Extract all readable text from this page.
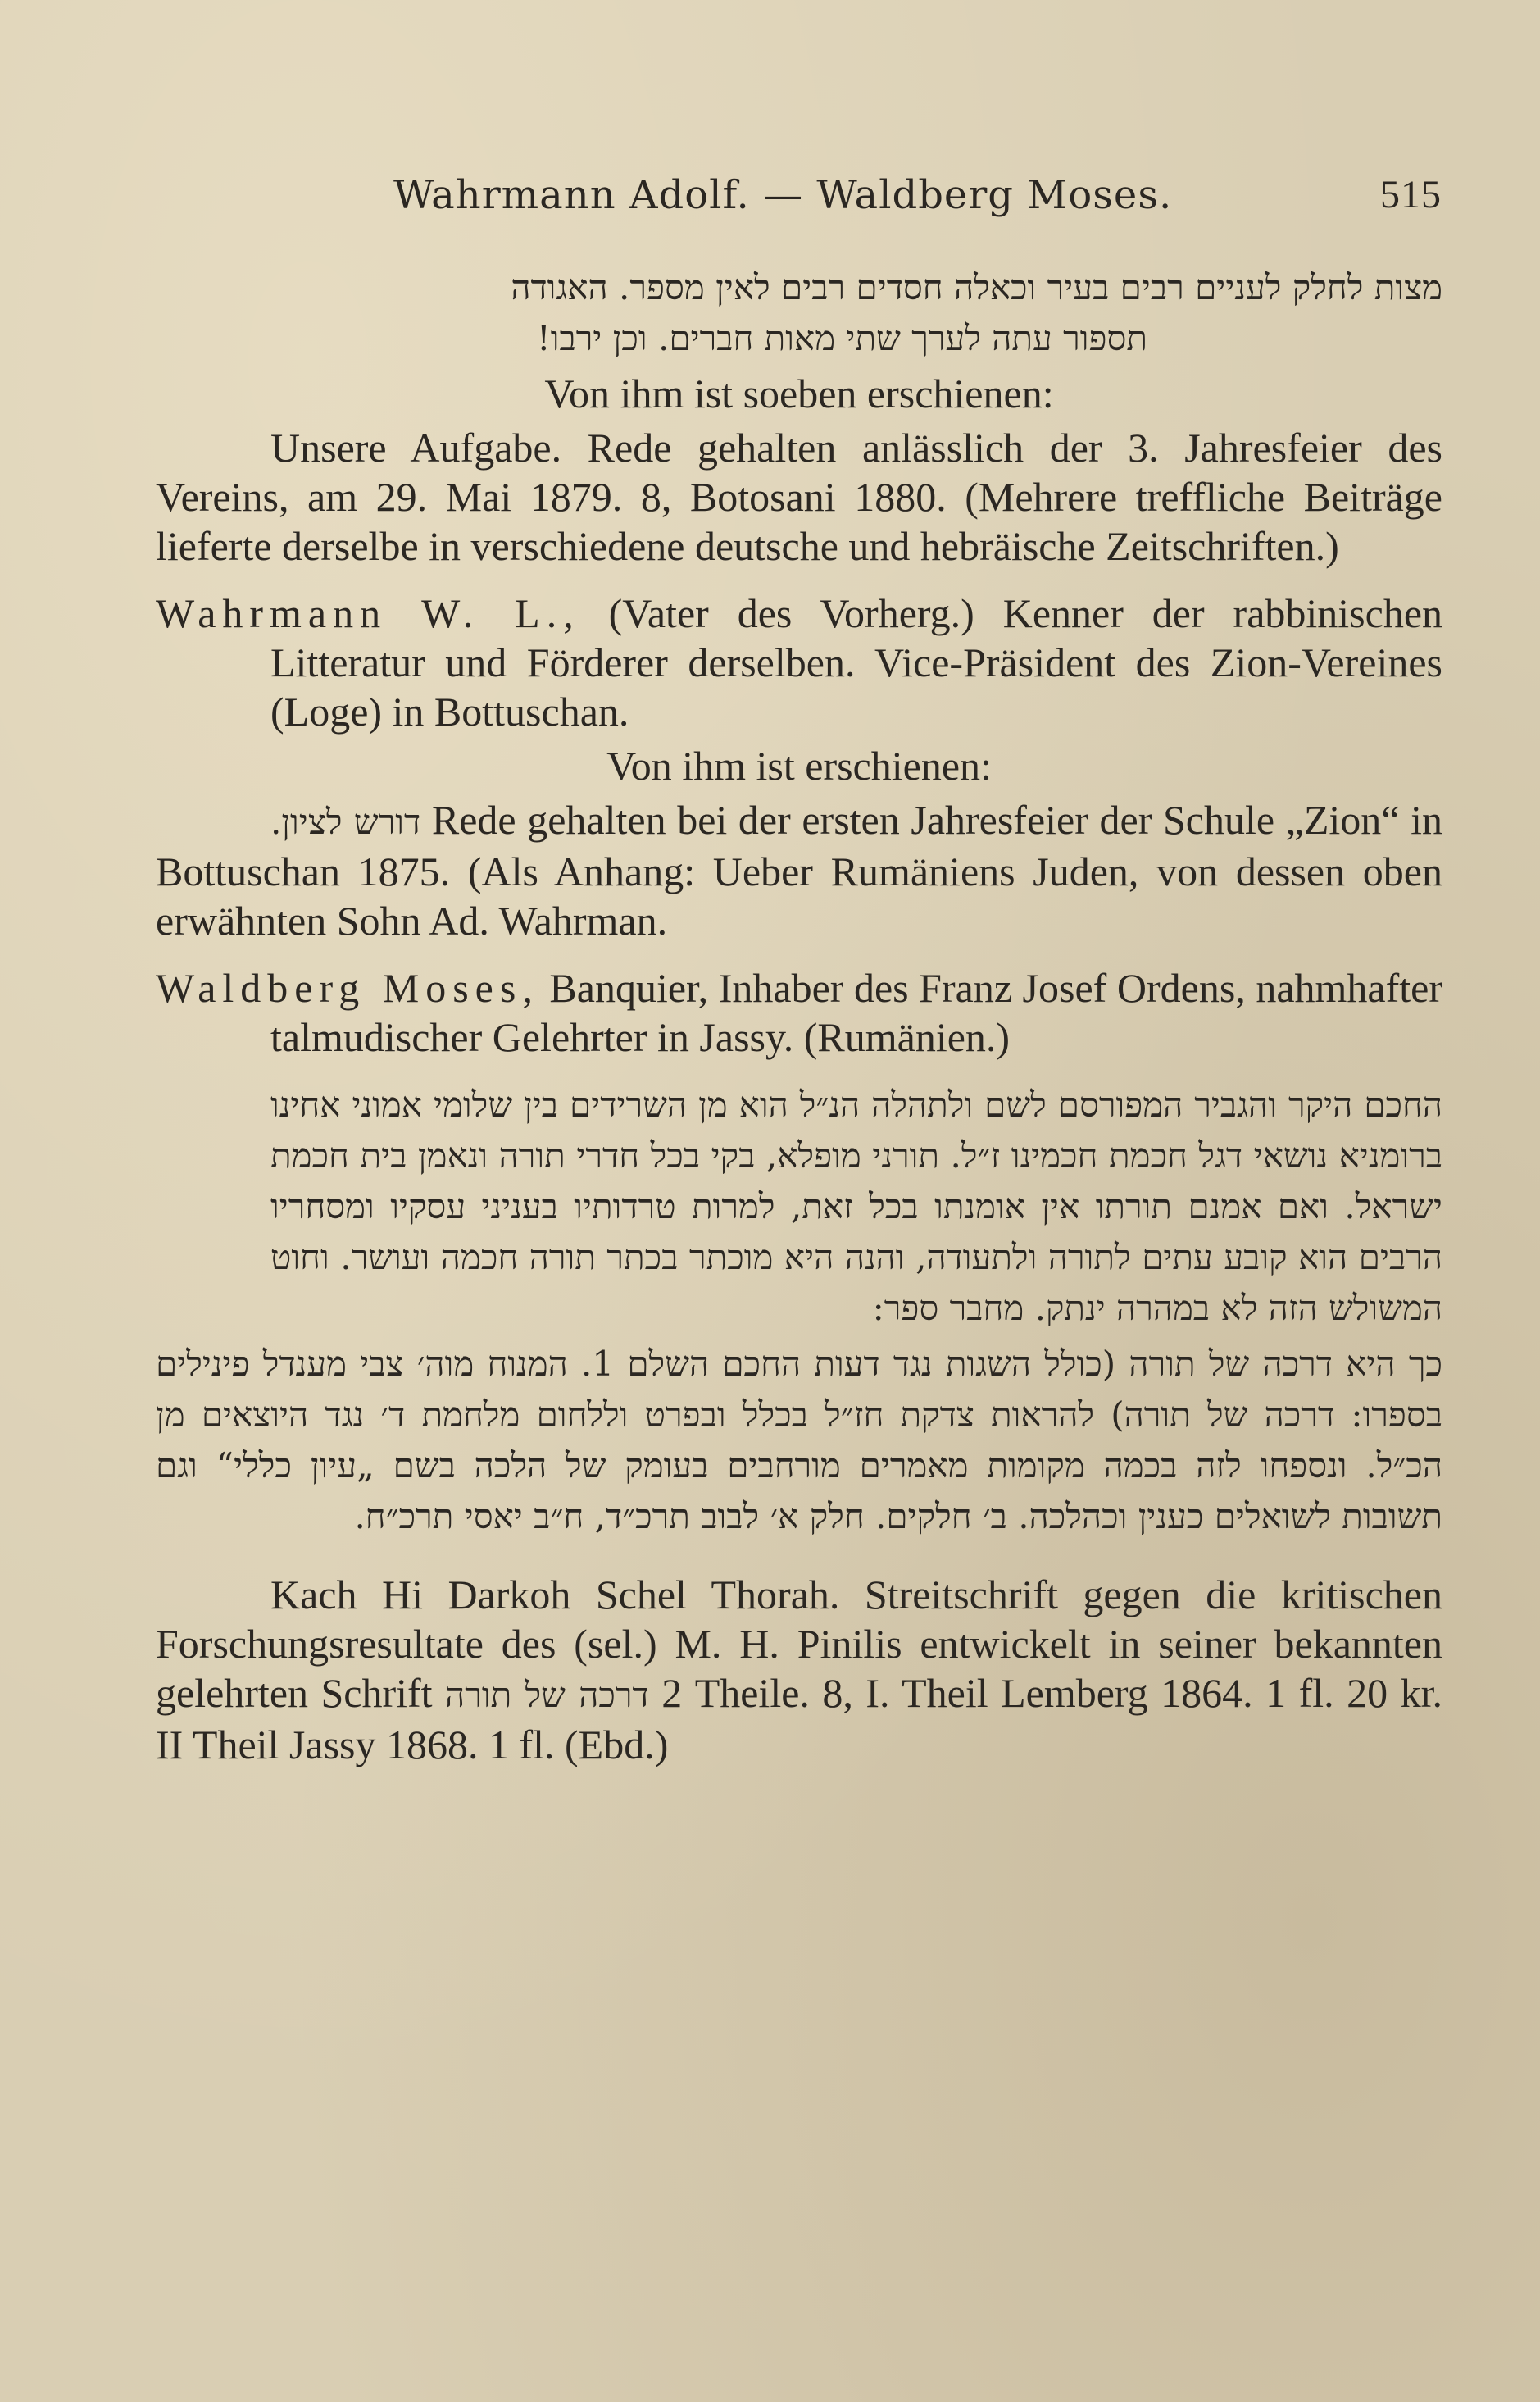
Wahrmann Adolf. — Waldberg Moses.	515
מצות לחלק לעניים רבים בעיר וכאלה חסדים רבים לאין מספר. האגודה
תספור עתה לערך שתי מאות חברים. וכן ירבו!
Von ihm ist soeben erschienen:

Unsere Aufgabe. Rede gehalten anlässlich der 3. Jahresfeier des Vereins, am 29. Mai 1879. 8, Botosani 1880. (Mehrere treffliche Beiträge lieferte derselbe in verschiedene deutsche und hebräische Zeitschriften.)

Wahrmann W. L., (Vater des Vorherg.) Kenner der rabbinischen Litteratur und Förderer derselben. Vice-Präsident des Zion-Vereines (Loge) in Bottuschan.

Von ihm ist erschienen:

דורש לציון. Rede gehalten bei der ersten Jahresfeier der Schule „Zion“ in Bottuschan 1875. (Als Anhang: Ueber Rumäniens Juden, von dessen oben erwähnten Sohn Ad. Wahrman.

Waldberg Moses, Banquier, Inhaber des Franz Josef Ordens, nahmhafter talmudischer Gelehrter in Jassy. (Rumänien.)

החכם היקר והגביר המפורסם לשם ולתהלה הנ״ל הוא מן השרידים בין שלומי אמוני אחינו ברומניא נושאי דגל חכמת חכמינו ז״ל. תורני מופלא, בקי בכל חדרי תורה ונאמן בית חכמת ישראל. ואם אמנם תורתו אין אומנתו בכל זאת, למרות טרדותיו בעניני עסקיו ומסחריו הרבים הוא קובע עתים לתורה ולתעודה, והנה היא מוכתר בכתר תורה חכמה ועושר. וחוט המשולש הזה לא במהרה ינתק. מחבר ספר:
כך היא דרכה של תורה (כולל השגות נגד דעות החכם השלם 1. המנוח מוה׳ צבי מענדל פינילים בספרו: דרכה של תורה) להראות צדקת חז״ל בכלל ובפרט וללחום מלחמת ד׳ נגד היוצאים מן הכ״ל. ונספחו לזה בכמה מקומות מאמרים מורחבים בעומק של הלכה בשם „עיון כללי“ וגם תשובות לשואלים כענין וכהלכה. ב׳ חלקים. חלק א׳ לבוב תרכ״ד, ח״ב יאסי תרכ״ח.

Kach Hi Darkoh Schel Thorah. Streitschrift gegen die kritischen Forschungsresultate des (sel.) M. H. Pinilis entwickelt in seiner bekannten gelehrten Schrift דרכה של תורה 2 Theile. 8, I. Theil Lemberg 1864. 1 fl. 20 kr. II Theil Jassy 1868. 1 fl. (Ebd.)
